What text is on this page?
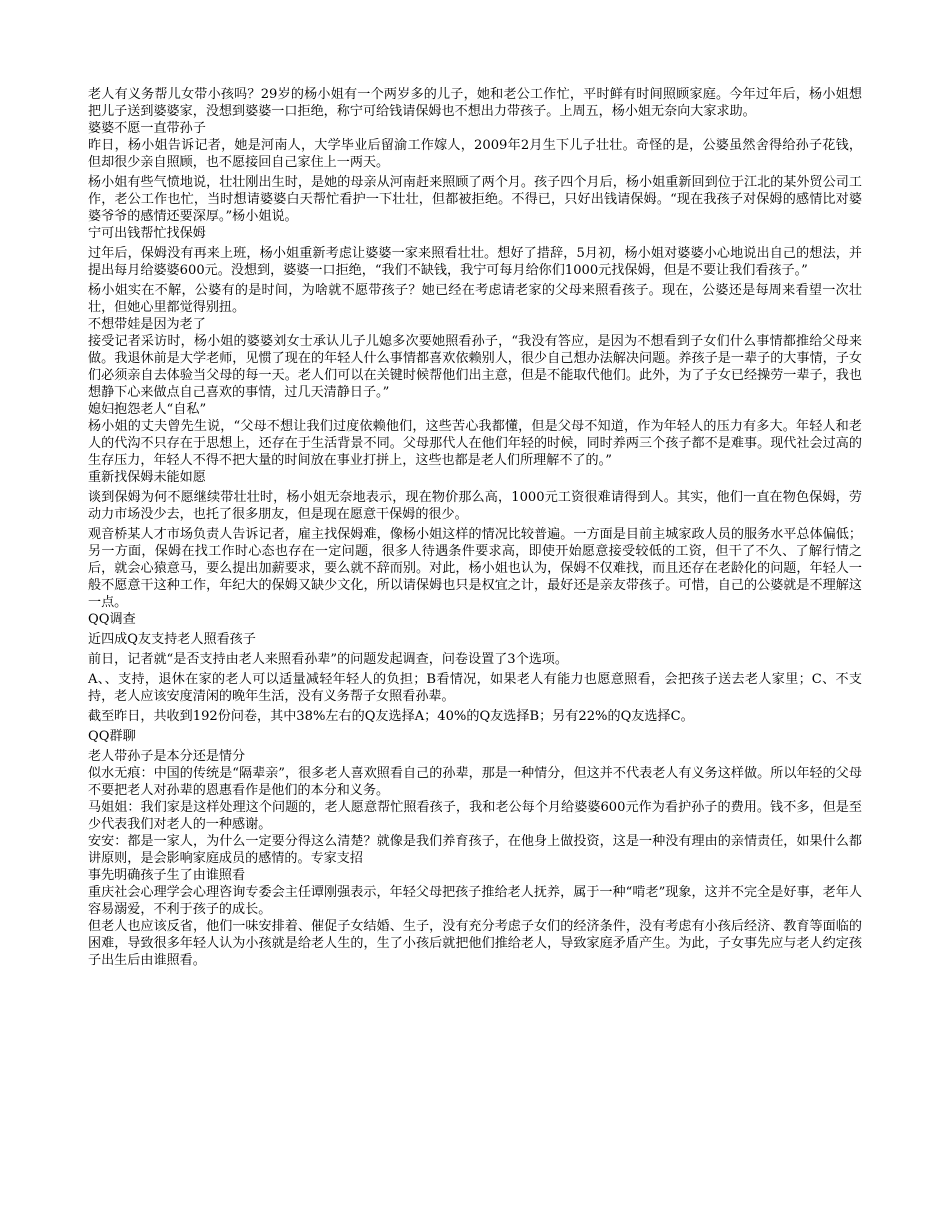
老人有义务帮儿女带小孩吗？29岁的杨小姐有一个两岁多的儿子，她和老公工作忙，平时鲜有时间照顾家庭。今年过年后，杨小姐想把儿子送到婆婆家，没想到婆婆一口拒绝，称宁可给钱请保姆也不想出力带孩子。上周五，杨小姐无奈向大家求助。

婆婆不愿一直带孙子

昨日，杨小姐告诉记者，她是河南人，大学毕业后留渝工作嫁人，2009年2月生下儿子壮壮。奇怪的是，公婆虽然舍得给孙子花钱，但却很少亲自照顾，也不愿接回自己家住上一两天。

杨小姐有些气愤地说，壮壮刚出生时，是她的母亲从河南赶来照顾了两个月。孩子四个月后，杨小姐重新回到位于江北的某外贸公司工作，老公工作也忙，当时想请婆婆白天帮忙看护一下壮壮，但都被拒绝。不得已，只好出钱请保姆。“现在我孩子对保姆的感情比对婆婆爷爷的感情还要深厚。”杨小姐说。

宁可出钱帮忙找保姆

过年后，保姆没有再来上班，杨小姐重新考虑让婆婆一家来照看壮壮。想好了措辞，5月初，杨小姐对婆婆小心地说出自己的想法，并提出每月给婆婆600元。没想到，婆婆一口拒绝，“我们不缺钱，我宁可每月给你们1000元找保姆，但是不要让我们看孩子。”

杨小姐实在不解，公婆有的是时间，为啥就不愿带孩子？她已经在考虑请老家的父母来照看孩子。现在，公婆还是每周来看望一次壮壮，但她心里都觉得别扭。

不想带娃是因为老了

接受记者采访时，杨小姐的婆婆刘女士承认儿子儿媳多次要她照看孙子，“我没有答应，是因为不想看到子女们什么事情都推给父母来做。我退休前是大学老师，见惯了现在的年轻人什么事情都喜欢依赖别人，很少自己想办法解决问题。养孩子是一辈子的大事情，子女们必须亲自去体验当父母的每一天。老人们可以在关键时候帮他们出主意，但是不能取代他们。此外，为了子女已经操劳一辈子，我也想静下心来做点自己喜欢的事情，过几天清静日子。”

媳妇抱怨老人“自私”

杨小姐的丈夫曾先生说，“父母不想让我们过度依赖他们，这些苦心我都懂，但是父母不知道，作为年轻人的压力有多大。年轻人和老人的代沟不只存在于思想上，还存在于生活背景不同。父母那代人在他们年轻的时候，同时养两三个孩子都不是难事。现代社会过高的生存压力，年轻人不得不把大量的时间放在事业打拼上，这些也都是老人们所理解不了的。”

重新找保姆未能如愿

谈到保姆为何不愿继续带壮壮时，杨小姐无奈地表示，现在物价那么高，1000元工资很难请得到人。其实，他们一直在物色保姆，劳动力市场没少去，也托了很多朋友，但是现在愿意干保姆的很少。

观音桥某人才市场负责人告诉记者，雇主找保姆难，像杨小姐这样的情况比较普遍。一方面是目前主城家政人员的服务水平总体偏低；另一方面，保姆在找工作时心态也存在一定问题，很多人待遇条件要求高，即使开始愿意接受较低的工资，但干了不久、了解行情之后，就会心猿意马，要么提出加薪要求，要么就不辞而别。对此，杨小姐也认为，保姆不仅难找，而且还存在老龄化的问题，年轻人一般不愿意干这种工作，年纪大的保姆又缺少文化，所以请保姆也只是权宜之计，最好还是亲友带孩子。可惜，自己的公婆就是不理解这一点。

QQ调查
近四成Q友支持老人照看孩子

前日，记者就“是否支持由老人来照看孙辈”的问题发起调查，问卷设置了3个选项。

A、、支持，退休在家的老人可以适量减轻年轻人的负担；B看情况，如果老人有能力也愿意照看，会把孩子送去老人家里；C、不支持，老人应该安度清闲的晚年生活，没有义务帮子女照看孙辈。

截至昨日，共收到192份问卷，其中38%左右的Q友选择A；40%的Q友选择B；另有22%的Q友选择C。

QQ群聊
老人带孙子是本分还是情分

似水无痕：中国的传统是“隔辈亲”，很多老人喜欢照看自己的孙辈，那是一种情分，但这并不代表老人有义务这样做。所以年轻的父母不要把老人对孙辈的恩惠看作是他们的本分和义务。

马姐姐：我们家是这样处理这个问题的，老人愿意帮忙照看孩子，我和老公每个月给婆婆600元作为看护孙子的费用。钱不多，但是至少代表我们对老人的一种感谢。

安安：都是一家人，为什么一定要分得这么清楚？就像是我们养育孩子，在他身上做投资，这是一种没有理由的亲情责任，如果什么都讲原则，是会影响家庭成员的感情的。专家支招

事先明确孩子生了由谁照看

重庆社会心理学会心理咨询专委会主任谭刚强表示，年轻父母把孩子推给老人抚养，属于一种“啃老”现象，这并不完全是好事，老年人容易溺爱，不利于孩子的成长。

但老人也应该反省，他们一味安排着、催促子女结婚、生子，没有充分考虑子女们的经济条件，没有考虑有小孩后经济、教育等面临的困难，导致很多年轻人认为小孩就是给老人生的，生了小孩后就把他们推给老人，导致家庭矛盾产生。为此，子女事先应与老人约定孩子出生后由谁照看。
